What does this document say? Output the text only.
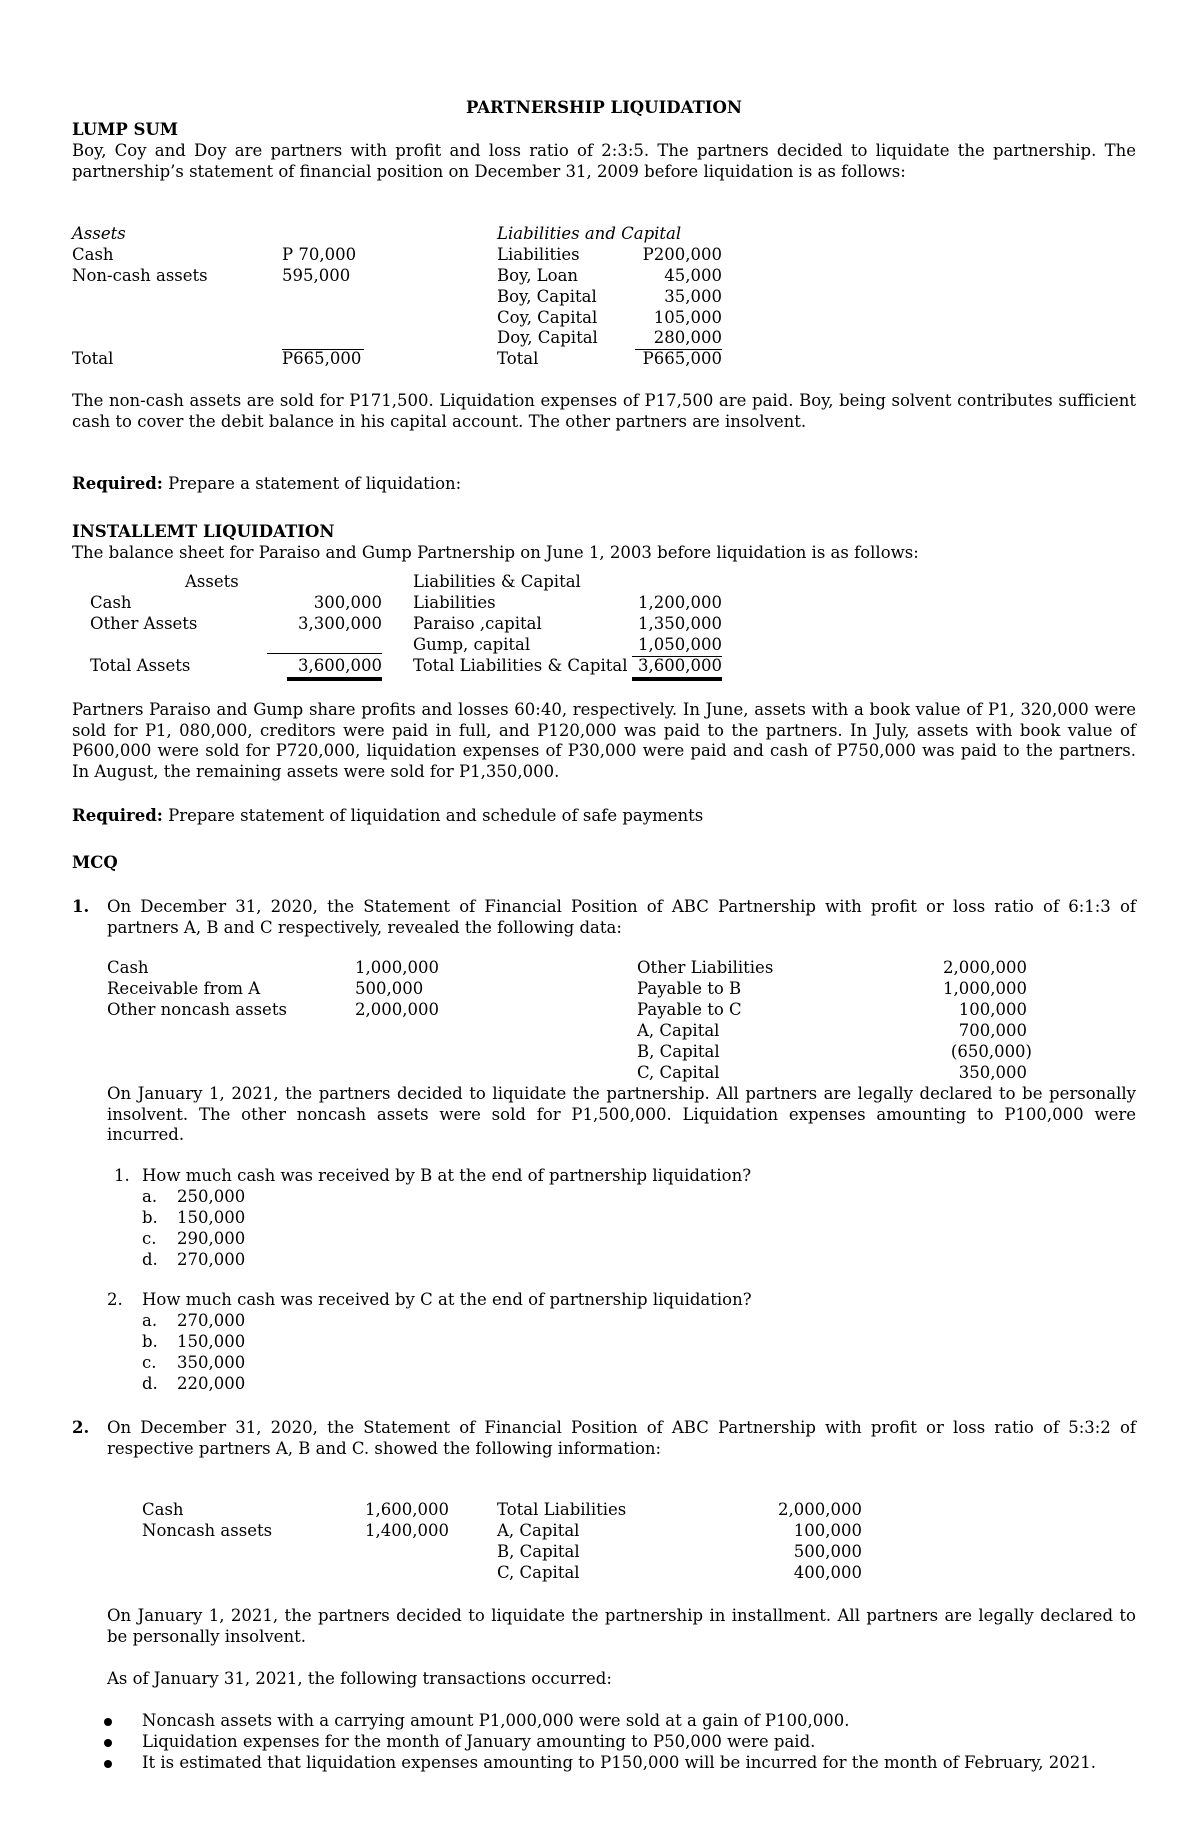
PARTNERSHIP LIQUIDATION
LUMP SUM
Boy, Coy and Doy are partners with profit and loss ratio of 2:3:5. The partners decided to liquidate the partnership. The partnership’s statement of financial position on December 31, 2009 before liquidation is as follows:
Assets	Liabilities and Capital
Cash	P 70,000
Non-cash assets	595,000
Total	P665,000
Liabilities	P200,000
Boy, Loan	45,000
Boy, Capital	35,000
Coy, Capital	105,000
Doy, Capital	280,000
Total	P665,000
The non-cash assets are sold for P171,500. Liquidation expenses of P17,500 are paid. Boy, being solvent contributes sufficient cash to cover the debit balance in his capital account. The other partners are insolvent.
Required: Prepare a statement of liquidation:
INSTALLEMT LIQUIDATION
The balance sheet for Paraiso and Gump Partnership on June 1, 2003 before liquidation is as follows:
Assets	Liabilities & Capital
Cash	300,000
Other Assets	3,300,000
Total Assets	3,600,000
Liabilities	1,200,000
Paraiso ,capital	1,350,000
Gump, capital	1,050,000
Total Liabilities & Capital 3,600,000
Partners Paraiso and Gump share profits and losses 60:40, respectively. In June, assets with a book value of P1, 320,000 were sold for P1, 080,000, creditors were paid in full, and P120,000 was paid to the partners. In July, assets with book value of P600,000 were sold for P720,000, liquidation expenses of P30,000 were paid and cash of P750,000 was paid to the partners. In August, the remaining assets were sold for P1,350,000.
Required: Prepare statement of liquidation and schedule of safe payments
MCQ
1. On December 31, 2020, the Statement of Financial Position of ABC Partnership with profit or loss ratio of 6:1:3 of partners A, B and C respectively, revealed the following data:
Cash	1,000,000
Receivable from A	500,000
Other noncash assets	2,000,000
Other Liabilities	2,000,000
Payable to B	1,000,000
Payable to C	100,000
A, Capital	700,000
B, Capital	(650,000)
C, Capital	350,000
On January 1, 2021, the partners decided to liquidate the partnership. All partners are legally declared to be personally insolvent. The other noncash assets were sold for P1,500,000. Liquidation expenses amounting to P100,000 were incurred.
1. How much cash was received by B at the end of partnership liquidation?
a. 250,000
b. 150,000
c. 290,000
d. 270,000
2. How much cash was received by C at the end of partnership liquidation?
a. 270,000
b. 150,000
c. 350,000
d. 220,000
2. On December 31, 2020, the Statement of Financial Position of ABC Partnership with profit or loss ratio of 5:3:2 of respective partners A, B and C. showed the following information:
Cash	1,600,000
Noncash assets	1,400,000
Total Liabilities	2,000,000
A, Capital	100,000
B, Capital	500,000
C, Capital	400,000
On January 1, 2021, the partners decided to liquidate the partnership in installment. All partners are legally declared to be personally insolvent.
As of January 31, 2021, the following transactions occurred:
Noncash assets with a carrying amount P1,000,000 were sold at a gain of P100,000.
Liquidation expenses for the month of January amounting to P50,000 were paid.
It is estimated that liquidation expenses amounting to P150,000 will be incurred for the month of February, 2021.
